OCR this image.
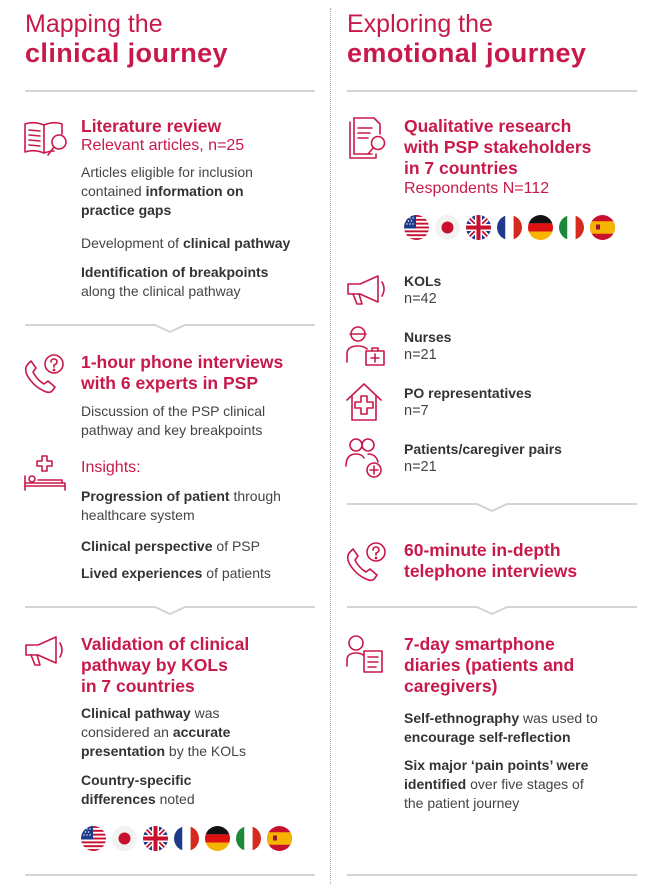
Mapping the
clinical journey
Exploring the
emotional journey
Literature review
Relevant articles, n=25
Articles eligible for inclusion
contained information on
practice gaps
Development of clinical pathway
Identification of breakpoints
along the clinical pathway
1-hour phone interviews
with 6 experts in PSP
Discussion of the PSP clinical
pathway and key breakpoints
Insights:
Progression of patient through
healthcare system
Clinical perspective of PSP
Lived experiences of patients
Validation of clinical
pathway by KOLs
in 7 countries
Clinical pathway was
considered an accurate
presentation by the KOLs
Country-specific
differences noted
Qualitative research
with PSP stakeholders
in 7 countries
Respondents N=112
KOLs
n=42
Nurses
n=21
PO representatives
n=7
Patients/caregiver pairs
n=21
60-minute in-depth
telephone interviews
7-day smartphone
diaries (patients and
caregivers)
Self-ethnography was used to
encourage self-reflection
Six major ‘pain points’ were
identified over five stages of
the patient journey
